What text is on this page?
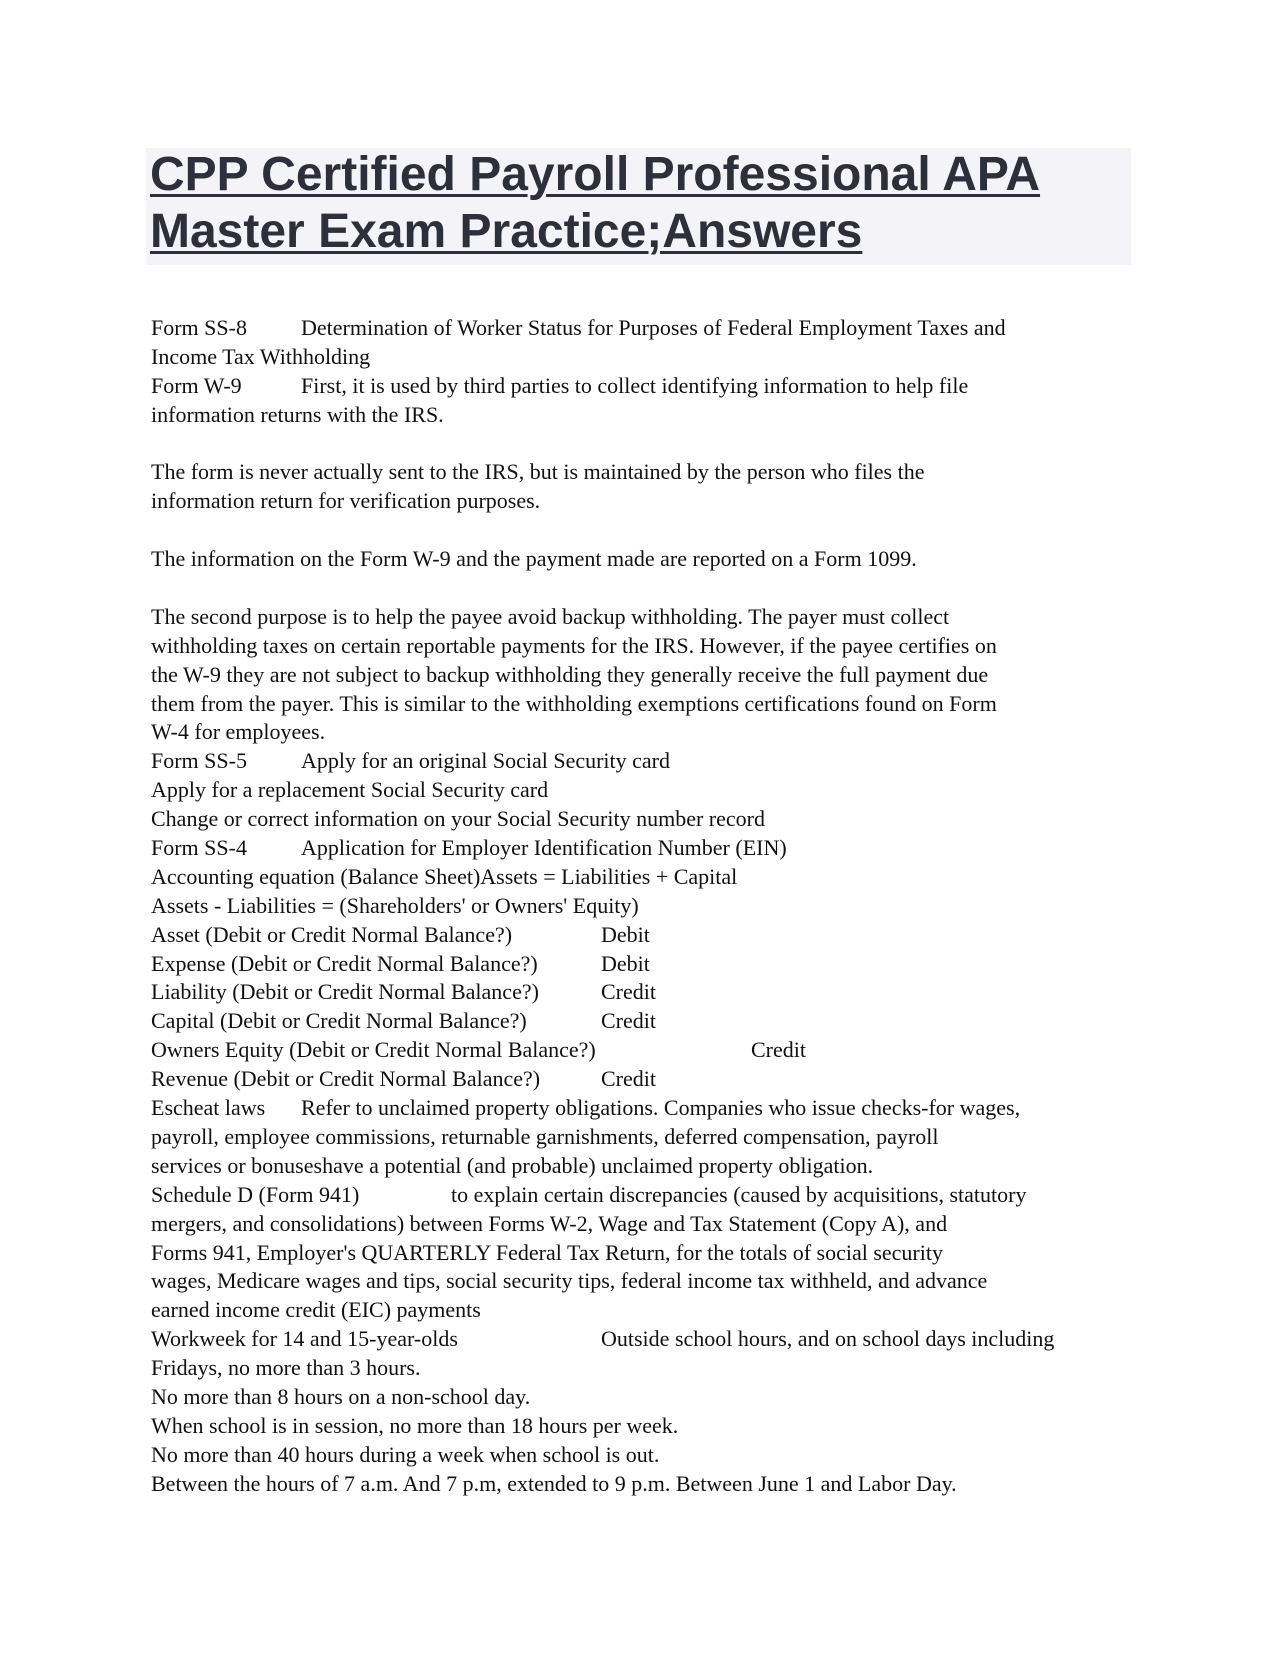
CPP Certified Payroll Professional APA
Master Exam Practice;Answers
Form SS-8 Determination of Worker Status for Purposes of Federal Employment Taxes and
Income Tax Withholding
Form W-9	First, it is used by third parties to collect identifying information to help file
information returns with the IRS.
The form is never actually sent to the IRS, but is maintained by the person who files the
information return for verification purposes.
The information on the Form W-9 and the payment made are reported on a Form 1099.
The second purpose is to help the payee avoid backup withholding. The payer must collect
withholding taxes on certain reportable payments for the IRS. However, if the payee certifies on
the W-9 they are not subject to backup withholding they generally receive the full payment due
them from the payer. This is similar to the withholding exemptions certifications found on Form
W-4 for employees.
Form SS-5 Apply for an original Social Security card
Apply for a replacement Social Security card
Change or correct information on your Social Security number record
Form SS-4 Application for Employer Identification Number (EIN)
Accounting equation (Balance Sheet)Assets = Liabilities + Capital
Assets - Liabilities = (Shareholders' or Owners' Equity)
Asset (Debit or Credit Normal Balance?)	Debit
Expense (Debit or Credit Normal Balance?)	Debit
Liability (Debit or Credit Normal Balance?)	Credit
Capital (Debit or Credit Normal Balance?)	Credit
Owners Equity (Debit or Credit Normal Balance?)	Credit
Revenue (Debit or Credit Normal Balance?)	Credit
Escheat laws Refer to unclaimed property obligations. Companies who issue checks-for wages,
payroll, employee commissions, returnable garnishments, deferred compensation, payroll
services or bonuseshave a potential (and probable) unclaimed property obligation.
Schedule D (Form 941)	to explain certain discrepancies (caused by acquisitions, statutory
mergers, and consolidations) between Forms W-2, Wage and Tax Statement (Copy A), and
Forms 941, Employer's QUARTERLY Federal Tax Return, for the totals of social security
wages, Medicare wages and tips, social security tips, federal income tax withheld, and advance
earned income credit (EIC) payments
Workweek for 14 and 15-year-olds	Outside school hours, and on school days including
Fridays, no more than 3 hours.
No more than 8 hours on a non-school day.
When school is in session, no more than 18 hours per week.
No more than 40 hours during a week when school is out.
Between the hours of 7 a.m. And 7 p.m, extended to 9 p.m. Between June 1 and Labor Day.
